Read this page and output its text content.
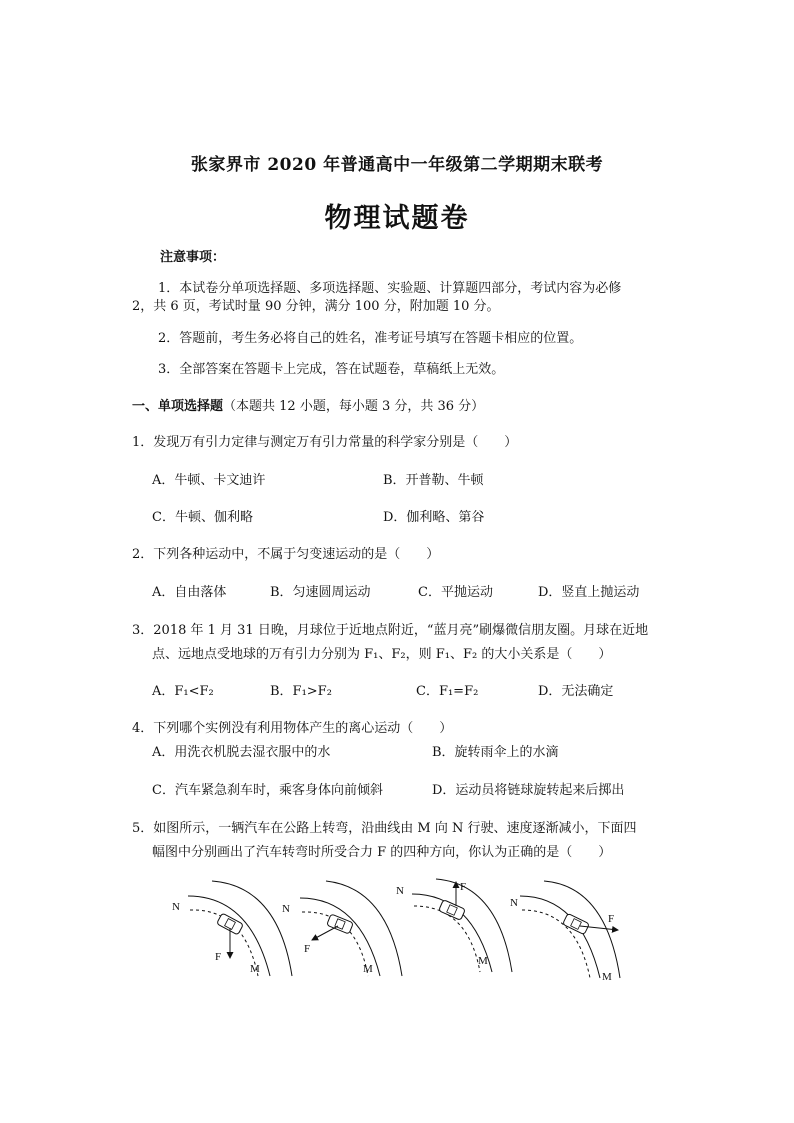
张家界市 2020 年普通高中一年级第二学期期末联考
物理试题卷
注意事项：
1．本试卷分单项选择题、多项选择题、实验题、计算题四部分，考试内容为必修
2，共 6 页，考试时量 90 分钟，满分 100 分，附加题 10 分。
2．答题前，考生务必将自己的姓名，准考证号填写在答题卡相应的位置。
3．全部答案在答题卡上完成，答在试题卷，草稿纸上无效。
一、单项选择题（本题共 12 小题，每小题 3 分，共 36 分）
1．发现万有引力定律与测定万有引力常量的科学家分别是（　　）
A．牛顿、卡文迪许	B．开普勒、牛顿
C．牛顿、伽利略	D．伽利略、第谷
2．下列各种运动中，不属于匀变速运动的是（　　）
A．自由落体	B．匀速圆周运动	C．平抛运动	D．竖直上抛运动
3．2018 年 1 月 31 日晚，月球位于近地点附近，“蓝月亮”刷爆微信朋友圈。月球在近地
点、远地点受地球的万有引力分别为 F₁、F₂，则 F₁、F₂ 的大小关系是（　　）
A．F₁<F₂	B．F₁>F₂	C．F₁=F₂	D．无法确定
4．下列哪个实例没有利用物体产生的离心运动（　　）
A．用洗衣机脱去湿衣服中的水	B．旋转雨伞上的水滴
C．汽车紧急刹车时，乘客身体向前倾斜	D．运动员将链球旋转起来后掷出
5．如图所示，一辆汽车在公路上转弯，沿曲线由 M 向 N 行驶、速度逐渐减小，下面四
幅图中分别画出了汽车转弯时所受合力 F 的四种方向，你认为正确的是（　　）
N
F
M
N
F
M
N	F
M
N
F
M
